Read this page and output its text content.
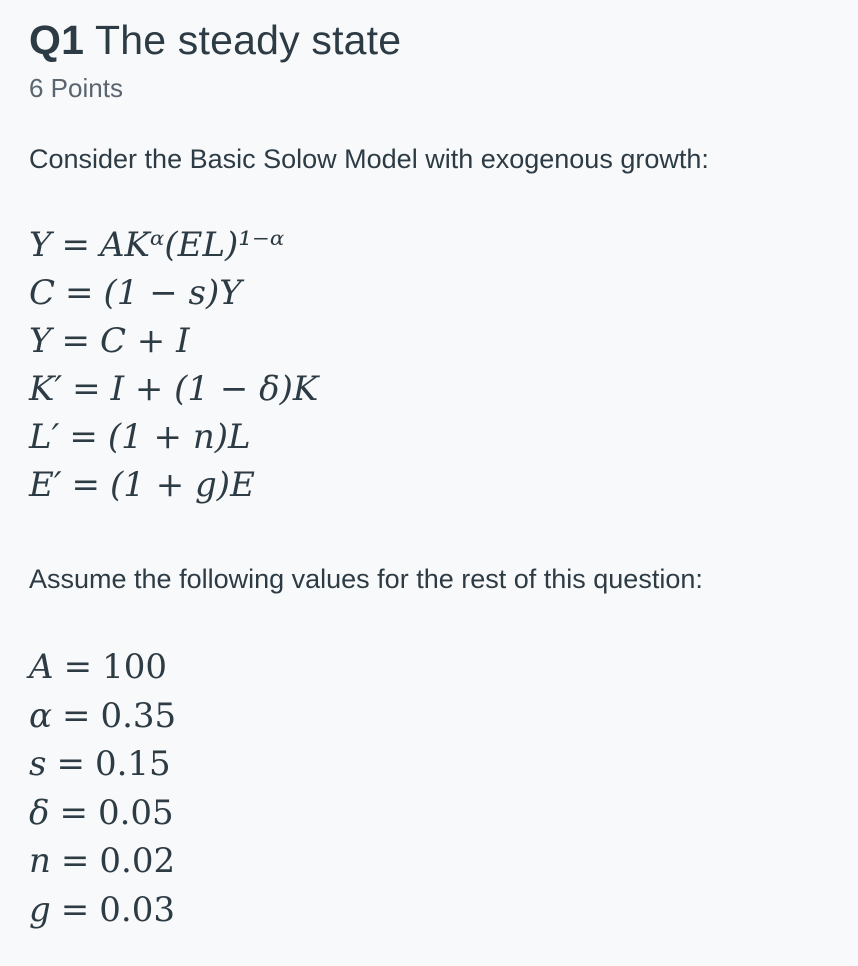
Q1 The steady state
6 Points
Consider the Basic Solow Model with exogenous growth:
Y = AKᵅ(EL)¹⁻ᵅ
C = (1 − s)Y
Y = C + I
K′ = I + (1 − δ)K
L′ = (1 + n)L
E′ = (1 + g)E
Assume the following values for the rest of this question:
A = 100
α = 0.35
s = 0.15
δ = 0.05
n = 0.02
g = 0.03
